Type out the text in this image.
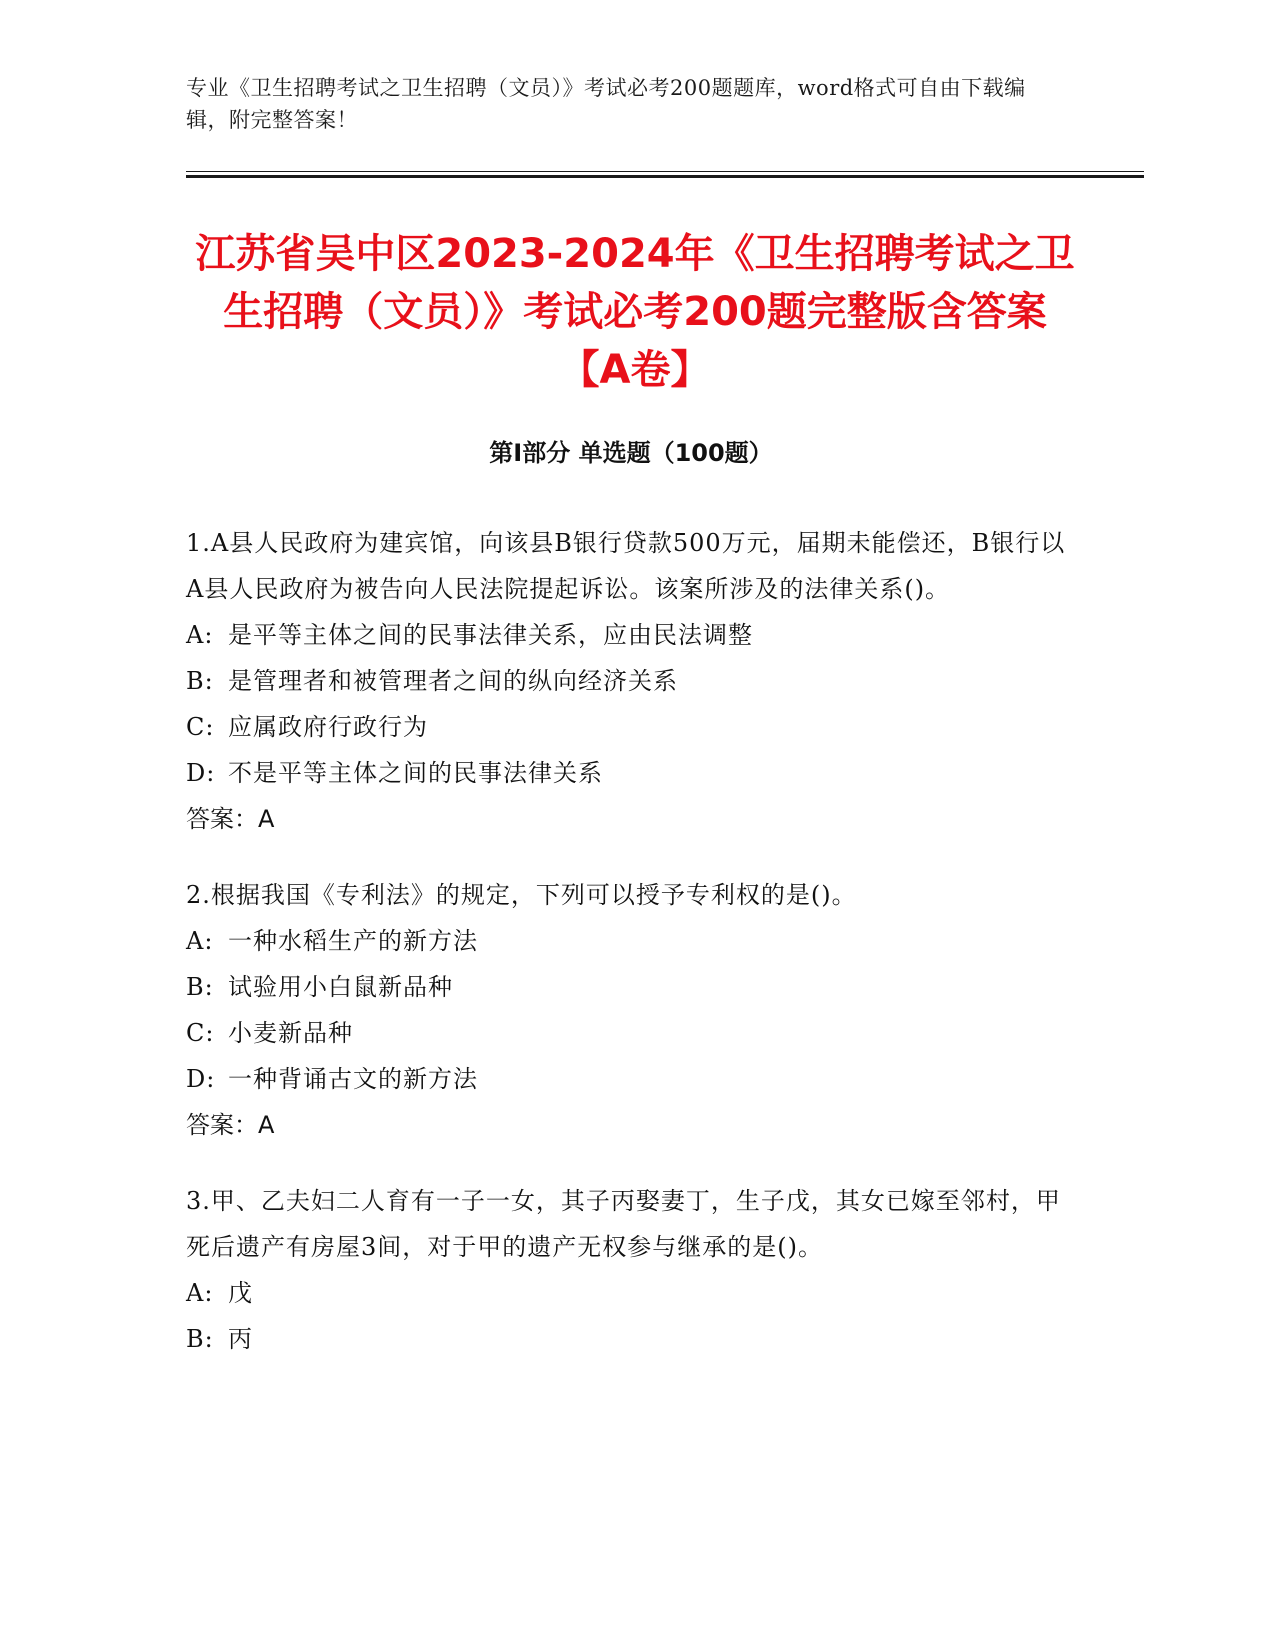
专业《卫生招聘考试之卫生招聘（文员）》考试必考200题题库，word格式可自由下载编辑，附完整答案！
江苏省吴中区2023-2024年《卫生招聘考试之卫生招聘（文员）》考试必考200题完整版含答案【A卷】
第Ⅰ部分 单选题（100题）

1.A县人民政府为建宾馆，向该县B银行贷款500万元，届期未能偿还，B银行以A县人民政府为被告向人民法院提起诉讼。该案所涉及的法律关系()。

A: 是平等主体之间的民事法律关系，应由民法调整

B: 是管理者和被管理者之间的纵向经济关系

C: 应属政府行政行为

D: 不是平等主体之间的民事法律关系

答案：A

2.根据我国《专利法》的规定，下列可以授予专利权的是()。

A: 一种水稻生产的新方法

B: 试验用小白鼠新品种

C: 小麦新品种

D: 一种背诵古文的新方法

答案：A

3.甲、乙夫妇二人育有一子一女，其子丙娶妻丁，生子戊，其女已嫁至邻村，甲死后遗产有房屋3间，对于甲的遗产无权参与继承的是()。

A: 戊

B: 丙
